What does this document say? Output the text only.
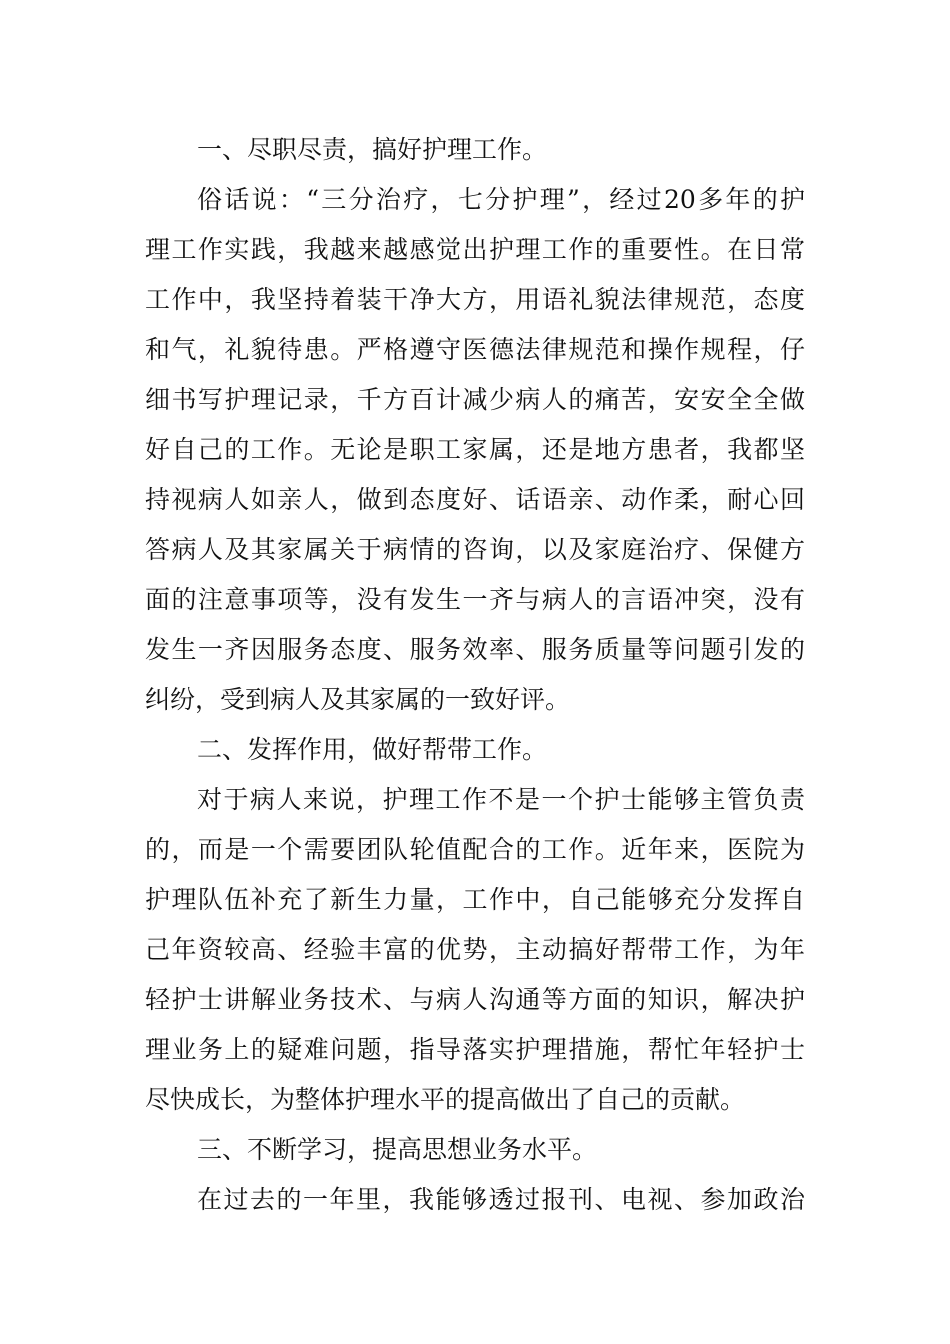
一、尽职尽责，搞好护理工作。
俗话说：“三分治疗，七分护理”，经过20多年的护
理工作实践，我越来越感觉出护理工作的重要性。在日常
工作中，我坚持着装干净大方，用语礼貌法律规范，态度
和气，礼貌待患。严格遵守医德法律规范和操作规程，仔
细书写护理记录，千方百计减少病人的痛苦，安安全全做
好自己的工作。无论是职工家属，还是地方患者，我都坚
持视病人如亲人，做到态度好、话语亲、动作柔，耐心回
答病人及其家属关于病情的咨询，以及家庭治疗、保健方
面的注意事项等，没有发生一齐与病人的言语冲突，没有
发生一齐因服务态度、服务效率、服务质量等问题引发的
纠纷，受到病人及其家属的一致好评。
二、发挥作用，做好帮带工作。
对于病人来说，护理工作不是一个护士能够主管负责
的，而是一个需要团队轮值配合的工作。近年来，医院为
护理队伍补充了新生力量，工作中，自己能够充分发挥自
己年资较高、经验丰富的优势，主动搞好帮带工作，为年
轻护士讲解业务技术、与病人沟通等方面的知识，解决护
理业务上的疑难问题，指导落实护理措施，帮忙年轻护士
尽快成长，为整体护理水平的提高做出了自己的贡献。
三、不断学习，提高思想业务水平。
在过去的一年里，我能够透过报刊、电视、参加政治
